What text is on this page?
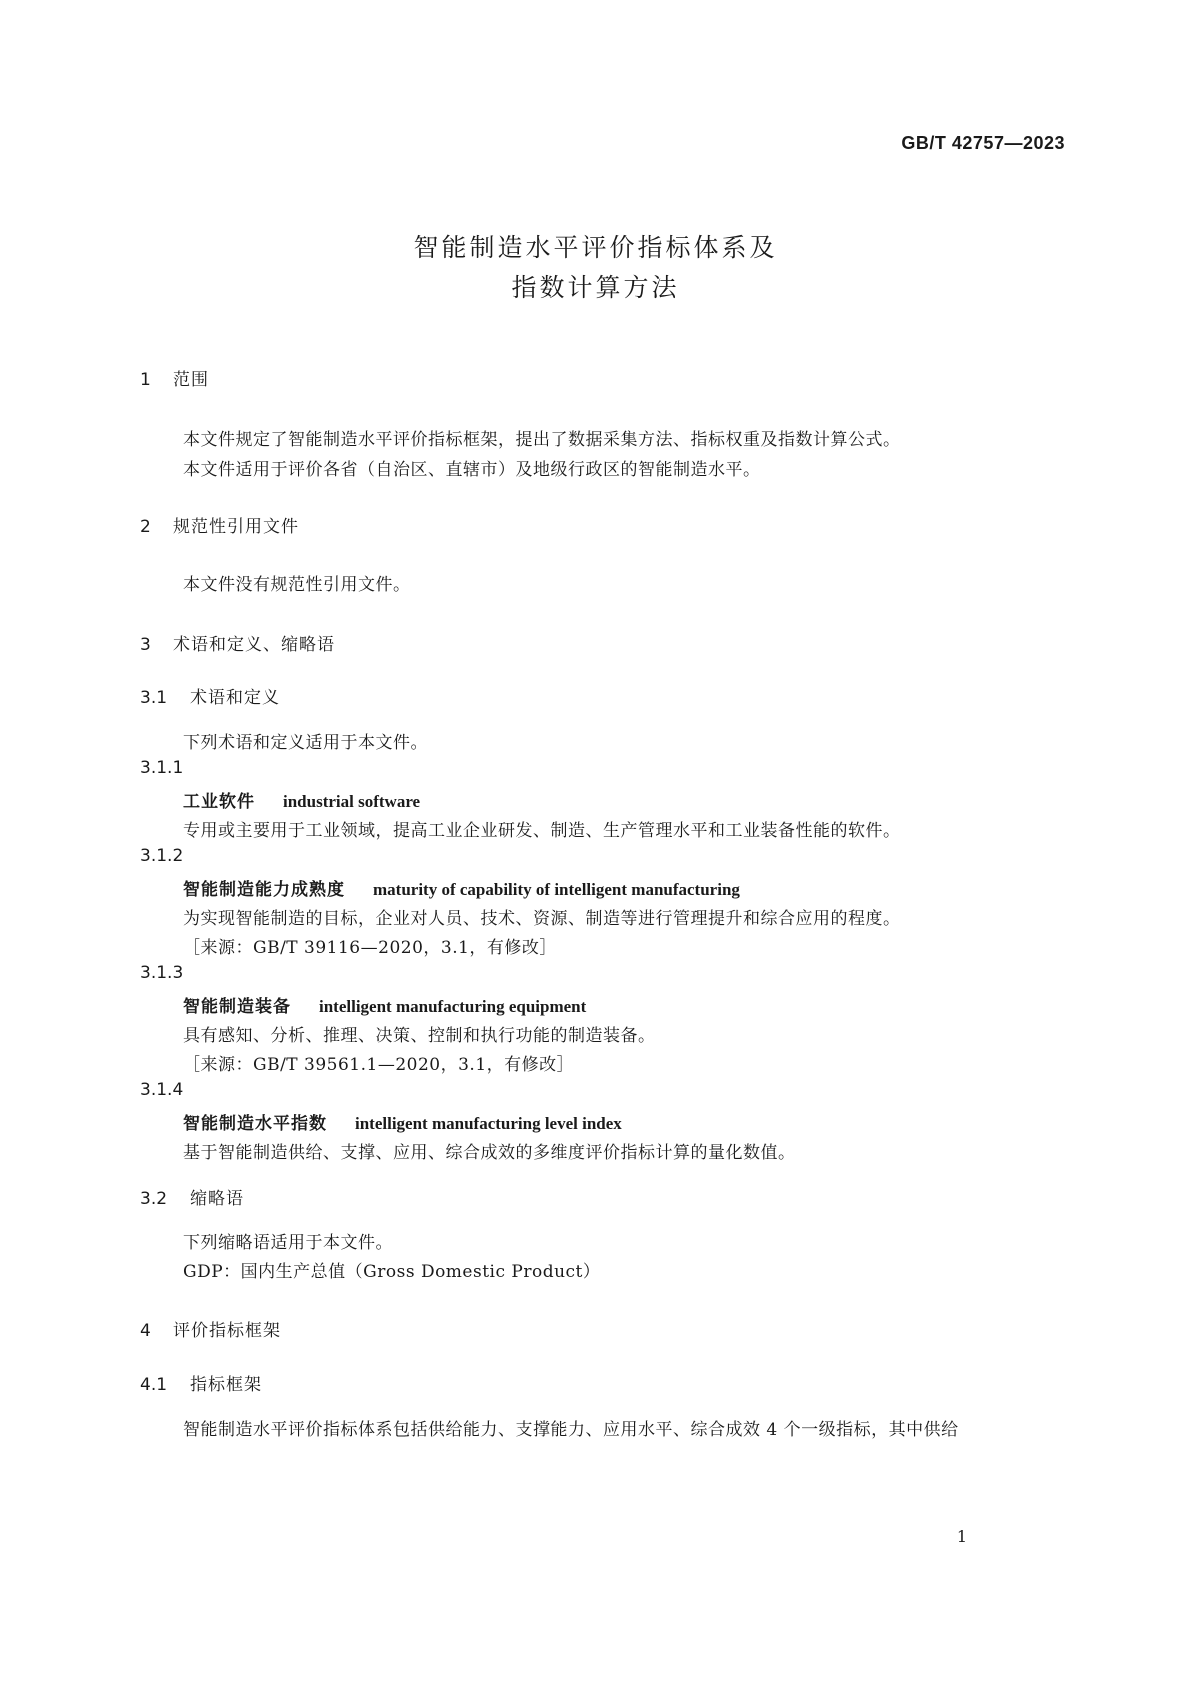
GB/T 42757—2023
智能制造水平评价指标体系及
指数计算方法
1 范围
本文件规定了智能制造水平评价指标框架，提出了数据采集方法、指标权重及指数计算公式。
本文件适用于评价各省（自治区、直辖市）及地级行政区的智能制造水平。
2 规范性引用文件
本文件没有规范性引用文件。
3 术语和定义、缩略语
3.1 术语和定义
下列术语和定义适用于本文件。
3.1.1
工业软件 industrial software
专用或主要用于工业领域，提高工业企业研发、制造、生产管理水平和工业装备性能的软件。
3.1.2
智能制造能力成熟度 maturity of capability of intelligent manufacturing
为实现智能制造的目标，企业对人员、技术、资源、制造等进行管理提升和综合应用的程度。
［来源：GB/T 39116—2020，3.1，有修改］
3.1.3
智能制造装备 intelligent manufacturing equipment
具有感知、分析、推理、决策、控制和执行功能的制造装备。
［来源：GB/T 39561.1—2020，3.1，有修改］
3.1.4
智能制造水平指数 intelligent manufacturing level index
基于智能制造供给、支撑、应用、综合成效的多维度评价指标计算的量化数值。
3.2 缩略语
下列缩略语适用于本文件。
GDP：国内生产总值（Gross Domestic Product）
4 评价指标框架
4.1 指标框架
智能制造水平评价指标体系包括供给能力、支撑能力、应用水平、综合成效 4 个一级指标，其中供给
1
